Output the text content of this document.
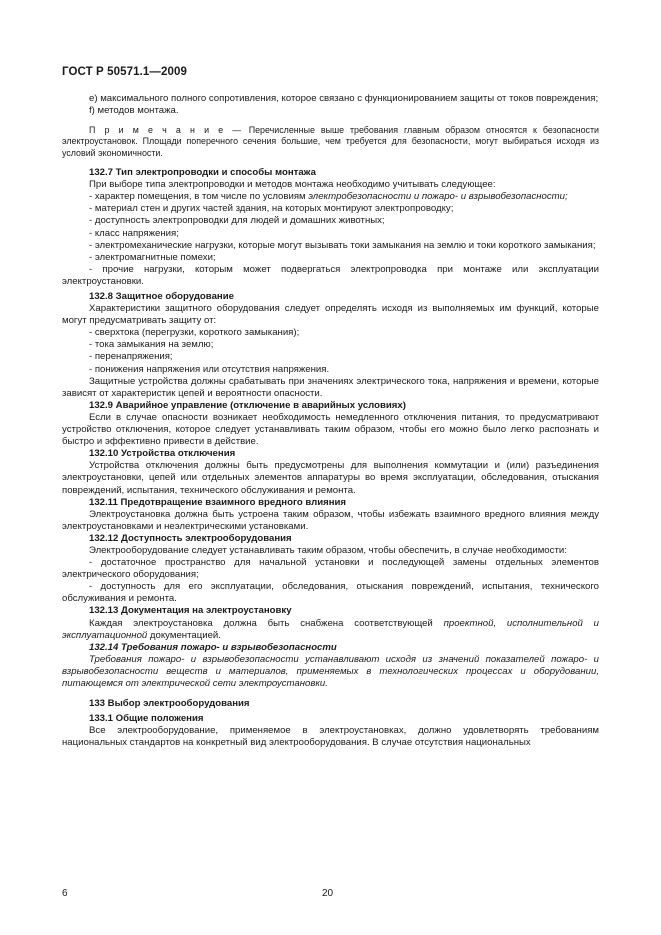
ГОСТ Р 50571.1—2009

е) максимального полного сопротивления, которое связано с функционированием защиты от токов повреждения;

f) методов монтажа.

П р и м е ч а н и е — Перечисленные выше требования главным образом относятся к безопасности электроустановок. Площади поперечного сечения большие, чем требуется для безопасности, могут выбираться исходя из условий экономичности.

132.7 Тип электропроводки и способы монтажа

При выборе типа электропроводки и методов монтажа необходимо учитывать следующее:

- характер помещения, в том числе по условиям электробезопасности и пожаро- и взрывобезопасности;

- материал стен и других частей здания, на которых монтируют электропроводку;

- доступность электропроводки для людей и домашних животных;

- класс напряжения;

- электромеханические нагрузки, которые могут вызывать токи замыкания на землю и токи короткого замыкания;

- электромагнитные помехи;

- прочие нагрузки, которым может подвергаться электропроводка при монтаже или эксплуатации электроустановки.

132.8 Защитное оборудование

Характеристики защитного оборудования следует определять исходя из выполняемых им функций, которые могут предусматривать защиту от:

- сверхтока (перегрузки, короткого замыкания);

- тока замыкания на землю;

- перенапряжения;

- понижения напряжения или отсутствия напряжения.

Защитные устройства должны срабатывать при значениях электрического тока, напряжения и времени, которые зависят от характеристик цепей и вероятности опасности.

132.9 Аварийное управление (отключение в аварийных условиях)

Если в случае опасности возникает необходимость немедленного отключения питания, то предусматривают устройство отключения, которое следует устанавливать таким образом, чтобы его можно было легко распознать и быстро и эффективно привести в действие.

132.10 Устройства отключения

Устройства отключения должны быть предусмотрены для выполнения коммутации и (или) разъединения электроустановки, цепей или отдельных элементов аппаратуры во время эксплуатации, обследования, отыскания повреждений, испытания, технического обслуживания и ремонта.

132.11 Предотвращение взаимного вредного влияния

Электроустановка должна быть устроена таким образом, чтобы избежать взаимного вредного влияния между электроустановками и неэлектрическими установками.

132.12 Доступность электрооборудования

Электрооборудование следует устанавливать таким образом, чтобы обеспечить, в случае необходимости:

- достаточное пространство для начальной установки и последующей замены отдельных элементов электрического оборудования;

- доступность для его эксплуатации, обследования, отыскания повреждений, испытания, технического обслуживания и ремонта.

132.13 Документация на электроустановку

Каждая электроустановка должна быть снабжена соответствующей проектной, исполнительной и эксплуатационной документацией.

132.14 Требования пожаро- и взрывобезопасности

Требования пожаро- и взрывобезопасности устанавливают исходя из значений показателей пожаро- и взрывобезопасности веществ и материалов, применяемых в технологических процессах и оборудовании, питающемся от электрической сети электроустановки.

133 Выбор электрооборудования

133.1 Общие положения

Все электрооборудование, применяемое в электроустановках, должно удовлетворять требованиям национальных стандартов на конкретный вид электрооборудования. В случае отсутствия национальных

6	20
